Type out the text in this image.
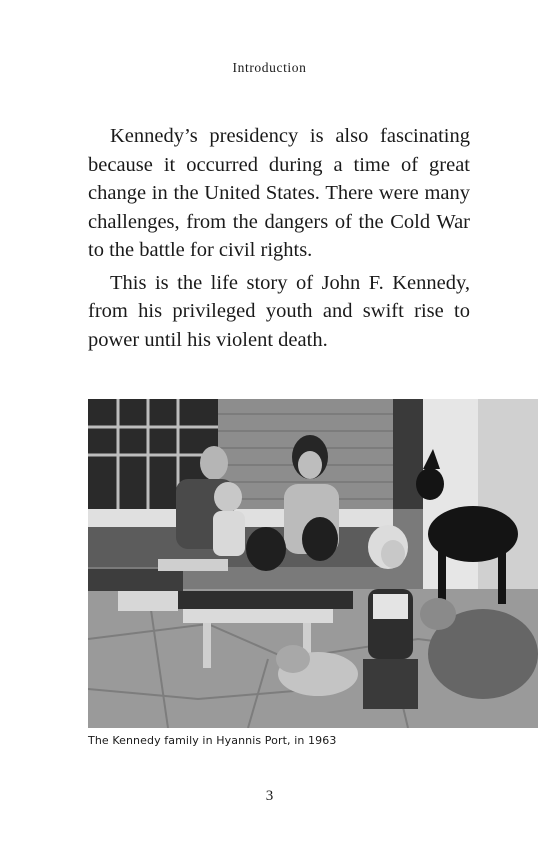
Introduction

Kennedy’s presidency is also fascinating because it occurred during a time of great change in the United States. There were many challenges, from the dangers of the Cold War to the battle for civil rights.

This is the life story of John F. Kennedy, from his privileged youth and swift rise to power until his violent death.

The Kennedy family in Hyannis Port, in 1963
3
